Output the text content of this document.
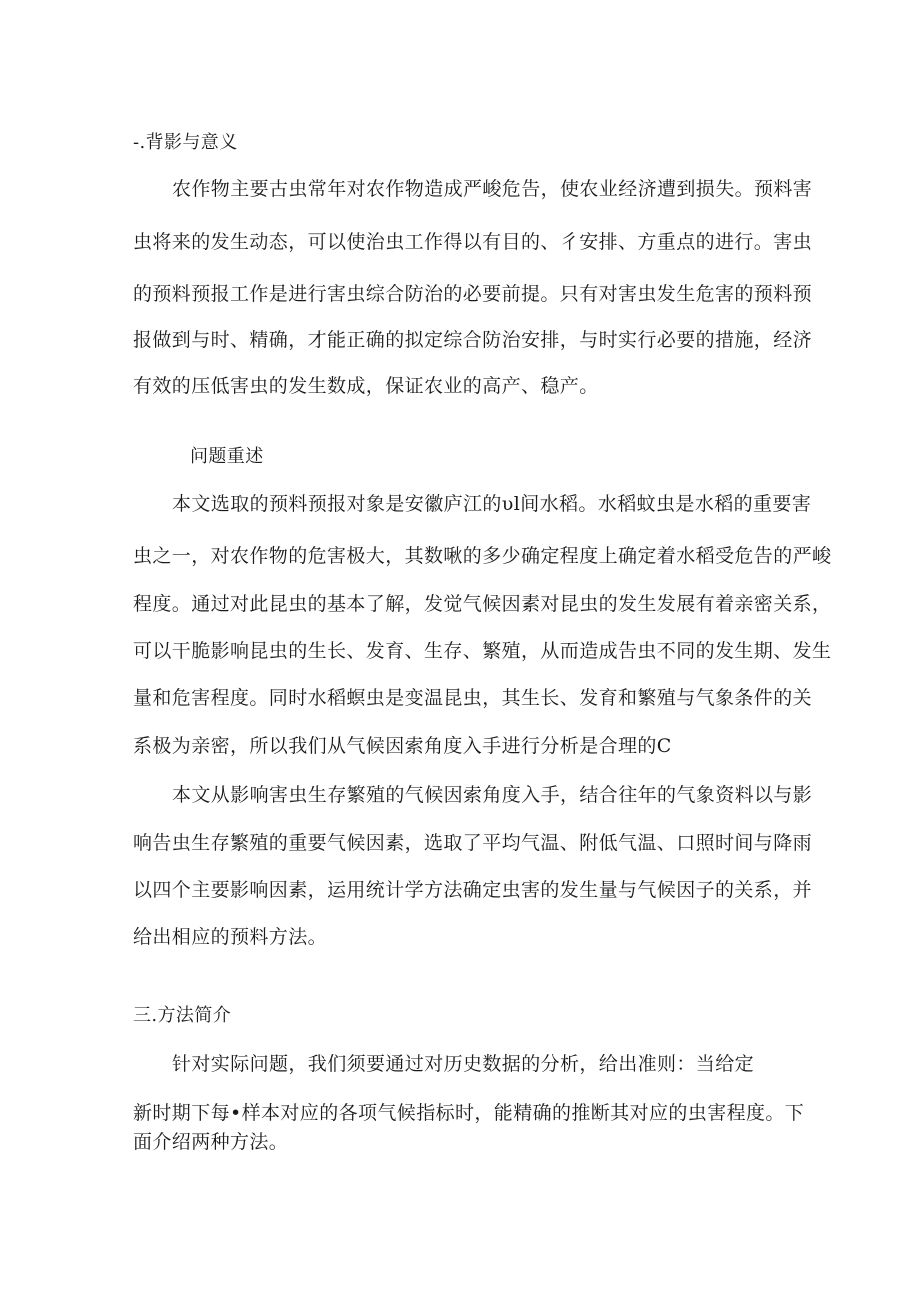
-.背影与意义
农作物主要古虫常年对农作物造成严峻危告，使农业经济遭到损失。预料害
虫将来的发生动态，可以使治虫工作得以有目的、彳安排、方重点的进行。害虫
的预料预报工作是进行害虫综合防治的必要前提。只有对害虫发生危害的预料预
报做到与时、精确，才能正确的拟定综合防治安排，与时实行必要的措施，经济
有效的压低害虫的发生数成，保证农业的高产、稳产。
问题重述
本文选取的预料预报对象是安徽庐江的υl间水稻。水稻蚊虫是水稻的重要害
虫之一，对农作物的危害极大，其数啾的多少确定程度上确定着水稻受危告的严峻
程度。通过对此昆虫的基本了解，发觉气候因素对昆虫的发生发展有着亲密关系，
可以干脆影响昆虫的生长、发育、生存、繁殖，从而造成告虫不同的发生期、发生
量和危害程度。同时水稻螟虫是变温昆虫，其生长、发育和繁殖与气象条件的关
系极为亲密，所以我们从气候因索角度入手进行分析是合理的C
本文从影响害虫生存繁殖的气候因索角度入手，结合往年的气象资料以与影
响告虫生存繁殖的重要气候因素，选取了平均气温、附低气温、口照时间与降雨
以四个主要影响因素，运用统计学方法确定虫害的发生量与气候因子的关系，并
给出相应的预料方法。
三.方法简介
针对实际问题，我们须要通过对历史数据的分析，给出准则：当给定
新时期下每•样本对应的各项气候指标时，能精确的推断其对应的虫害程度。下
面介绍两种方法。
